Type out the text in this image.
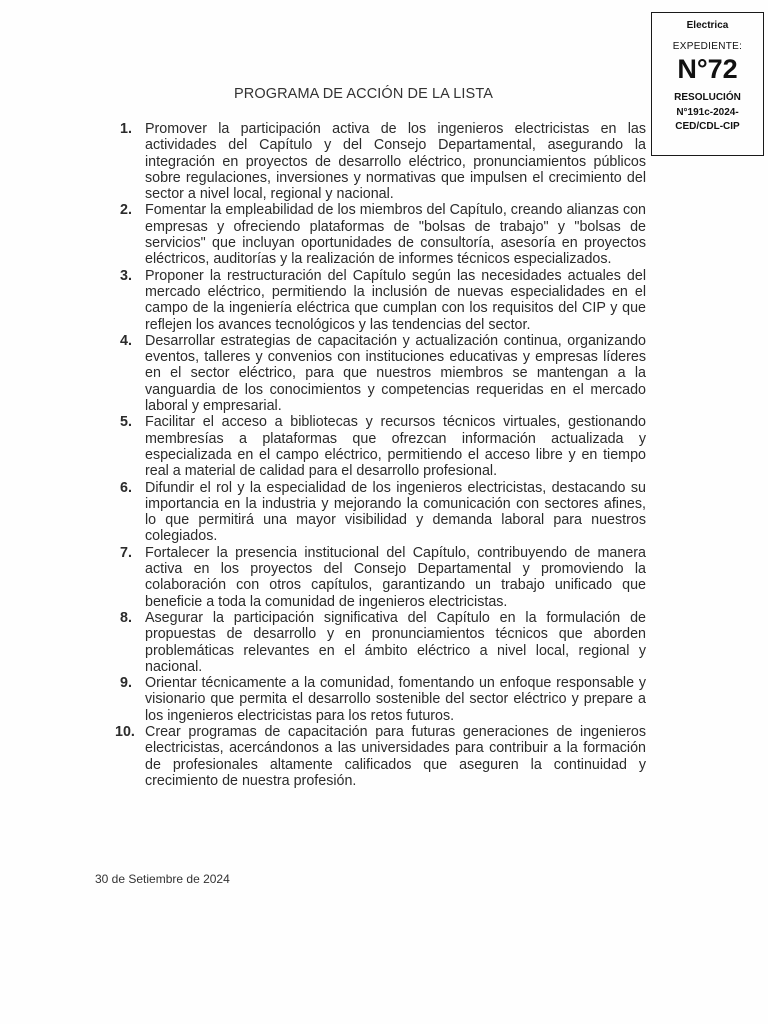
Electrica
EXPEDIENTE:
N°72
RESOLUCIÓN
N°191c-2024-
CED/CDL-CIP
PROGRAMA DE ACCIÓN DE LA LISTA
1. Promover la participación activa de los ingenieros electricistas en las actividades del Capítulo y del Consejo Departamental, asegurando la integración en proyectos de desarrollo eléctrico, pronunciamientos públicos sobre regulaciones, inversiones y normativas que impulsen el crecimiento del sector a nivel local, regional y nacional.
2. Fomentar la empleabilidad de los miembros del Capítulo, creando alianzas con empresas y ofreciendo plataformas de "bolsas de trabajo" y "bolsas de servicios" que incluyan oportunidades de consultoría, asesoría en proyectos eléctricos, auditorías y la realización de informes técnicos especializados.
3. Proponer la restructuración del Capítulo según las necesidades actuales del mercado eléctrico, permitiendo la inclusión de nuevas especialidades en el campo de la ingeniería eléctrica que cumplan con los requisitos del CIP y que reflejen los avances tecnológicos y las tendencias del sector.
4. Desarrollar estrategias de capacitación y actualización continua, organizando eventos, talleres y convenios con instituciones educativas y empresas líderes en el sector eléctrico, para que nuestros miembros se mantengan a la vanguardia de los conocimientos y competencias requeridas en el mercado laboral y empresarial.
5. Facilitar el acceso a bibliotecas y recursos técnicos virtuales, gestionando membresías a plataformas que ofrezcan información actualizada y especializada en el campo eléctrico, permitiendo el acceso libre y en tiempo real a material de calidad para el desarrollo profesional.
6. Difundir el rol y la especialidad de los ingenieros electricistas, destacando su importancia en la industria y mejorando la comunicación con sectores afines, lo que permitirá una mayor visibilidad y demanda laboral para nuestros colegiados.
7. Fortalecer la presencia institucional del Capítulo, contribuyendo de manera activa en los proyectos del Consejo Departamental y promoviendo la colaboración con otros capítulos, garantizando un trabajo unificado que beneficie a toda la comunidad de ingenieros electricistas.
8. Asegurar la participación significativa del Capítulo en la formulación de propuestas de desarrollo y en pronunciamientos técnicos que aborden problemáticas relevantes en el ámbito eléctrico a nivel local, regional y nacional.
9. Orientar técnicamente a la comunidad, fomentando un enfoque responsable y visionario que permita el desarrollo sostenible del sector eléctrico y prepare a los ingenieros electricistas para los retos futuros.
10. Crear programas de capacitación para futuras generaciones de ingenieros electricistas, acercándonos a las universidades para contribuir a la formación de profesionales altamente calificados que aseguren la continuidad y crecimiento de nuestra profesión.
30 de Setiembre de 2024
